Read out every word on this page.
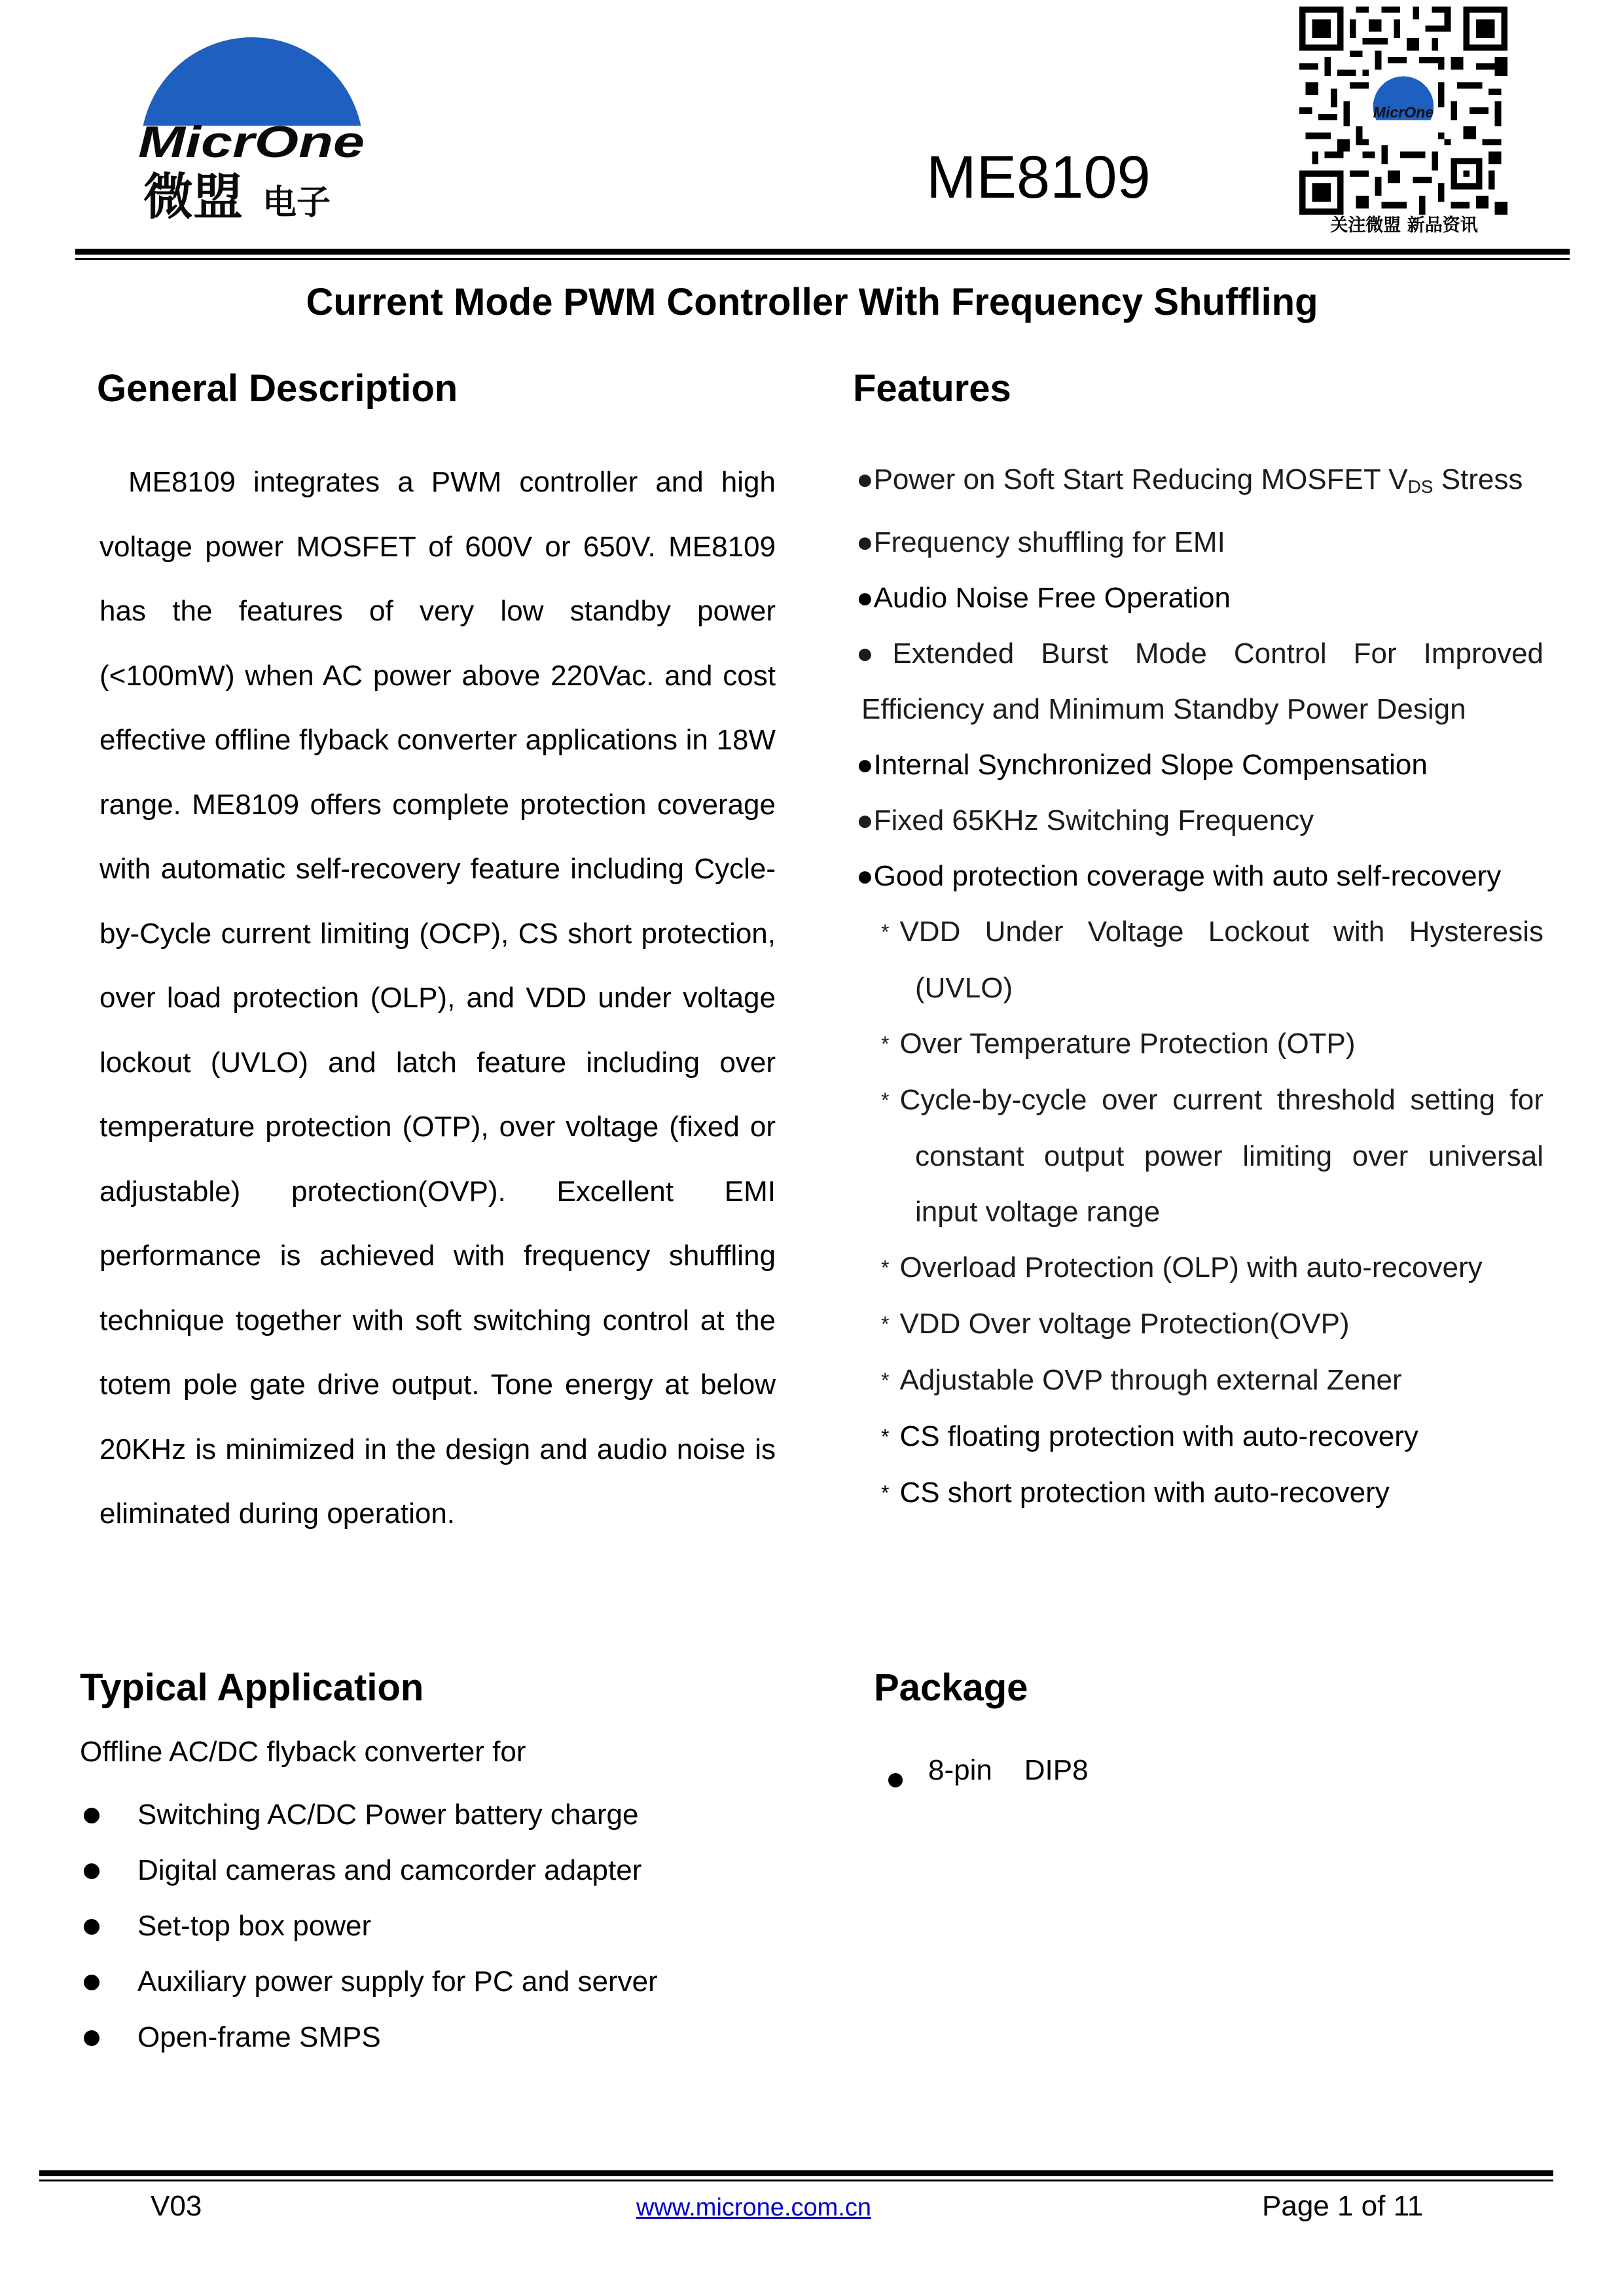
MicrOne
微盟 电子	ME8109
MicrOne
关注微盟 新品资讯
Current Mode PWM Controller With Frequency Shuffling
General Description

ME8109 integrates a PWM controller and high voltage power MOSFET of 600V or 650V. ME8109 has the features of very low standby power (<100mW) when AC power above 220Vac. and cost effective offline flyback converter applications in 18W range. ME8109 offers complete protection coverage with automatic self-recovery feature including Cycle-by-Cycle current limiting (OCP), CS short protection, over load protection (OLP), and VDD under voltage lockout (UVLO) and latch feature including over temperature protection (OTP), over voltage (fixed or adjustable) protection(OVP). Excellent EMI performance is achieved with frequency shuffling technique together with soft switching control at the totem pole gate drive output. Tone energy at below 20KHz is minimized in the design and audio noise is eliminated during operation.

Features
●Power on Soft Start Reducing MOSFET $V_{DS}$ Stress
●Frequency shuffling for EMI
●Audio Noise Free Operation
●Extended Burst Mode Control For Improved
Efficiency and Minimum Standby Power Design
●Internal Synchronized Slope Compensation
●Fixed 65KHz Switching Frequency
●Good protection coverage with auto self-recovery
* VDD Under Voltage Lockout with Hysteresis
(UVLO)
* Over Temperature Protection (OTP)
* Cycle-by-cycle over current threshold setting for
constant output power limiting over universal
input voltage range
* Overload Protection (OLP) with auto-recovery
* VDD Over voltage Protection(OVP)
* Adjustable OVP through external Zener
* CS floating protection with auto-recovery
* CS short protection with auto-recovery
Typical Application
Offline AC/DC flyback converter for
Switching AC/DC Power battery charge
Digital cameras and camcorder adapter
Set-top box power
Auxiliary power supply for PC and server
Open-frame SMPS
Package
8-pin    DIP8
V03	www.microne.com.cn	Page 1 of 11
